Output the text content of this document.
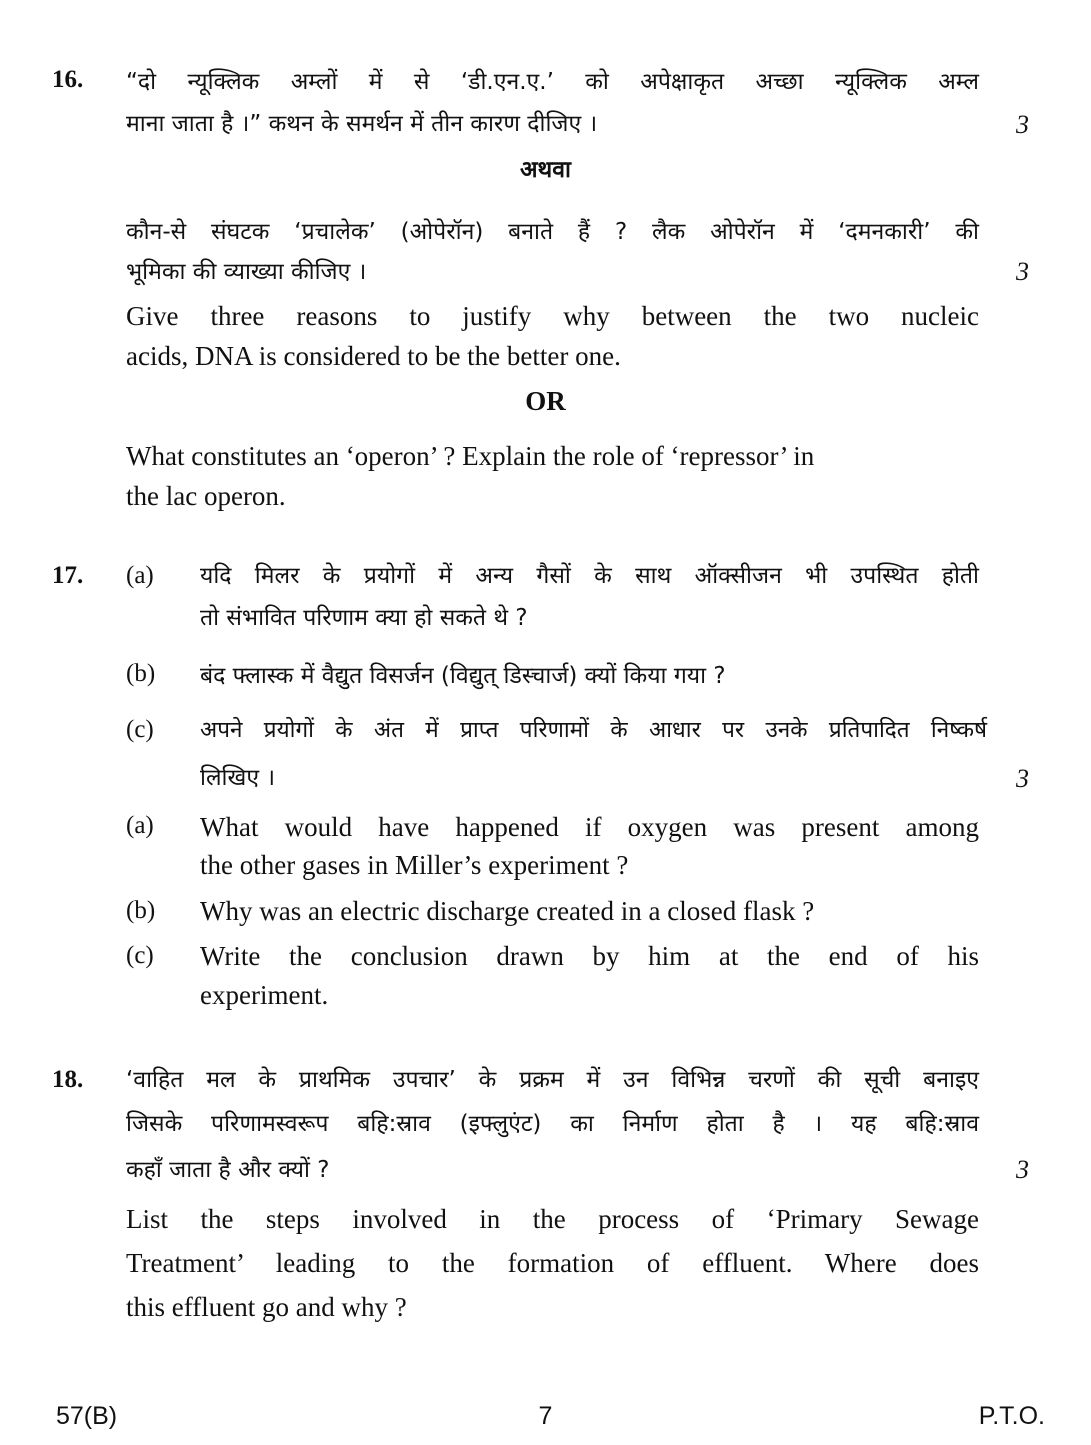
16. “दो न्यूक्लिक अम्लों में से ‘डी.एन.ए.’ को अपेक्षाकृत अच्छा न्यूक्लिक अम्ल
माना जाता है ।” कथन के समर्थन में तीन कारण दीजिए ।	3
अथवा
कौन-से संघटक ‘प्रचालेक’ (ओपेरॉन) बनाते हैं ? लैक ओपेरॉन में ‘दमनकारी’ की
भूमिका की व्याख्या कीजिए ।	3
Give three reasons to justify why between the two nucleic
acids, DNA is considered to be the better one.
OR
What constitutes an ‘operon’ ? Explain the role of ‘repressor’ in
the lac operon.
17. (a) यदि मिलर के प्रयोगों में अन्य गैसों के साथ ऑक्सीजन भी उपस्थित होती
तो संभावित परिणाम क्या हो सकते थे ?
(b) बंद फ्लास्क में वैद्युत विसर्जन (विद्युत् डिस्चार्ज) क्यों किया गया ?
(c) अपने प्रयोगों के अंत में प्राप्त परिणामों के आधार पर उनके प्रतिपादित निष्कर्ष
लिखिए ।	3
(a) What would have happened if oxygen was present among
the other gases in Miller’s experiment ?
(b) Why was an electric discharge created in a closed flask ?
(c) Write the conclusion drawn by him at the end of his
experiment.
18. ‘वाहित मल के प्राथमिक उपचार’ के प्रक्रम में उन विभिन्न चरणों की सूची बनाइए
जिसके परिणामस्वरूप बहि:स्राव (इफ्लुएंट) का निर्माण होता है । यह बहि:स्राव
कहाँ जाता है और क्यों ?	3
List the steps involved in the process of ‘Primary Sewage
Treatment’ leading to the formation of effluent. Where does
this effluent go and why ?
57(B)	7	P.T.O.
